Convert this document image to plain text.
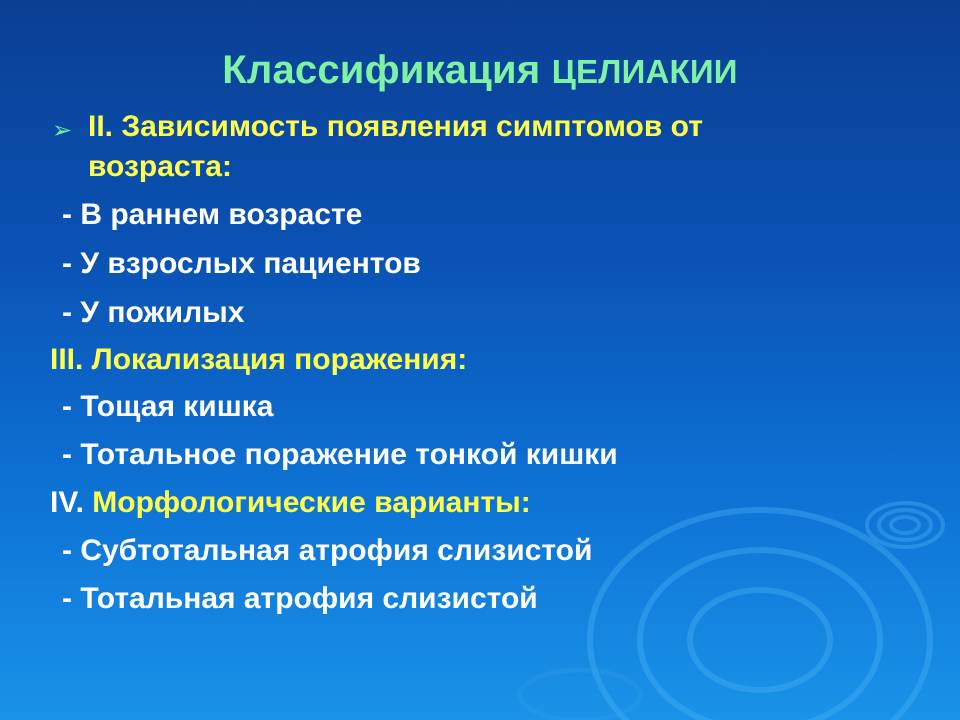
Классификация ЦЕЛИАКИИ
➢ II. Зависимость появления симптомов от
возраста:
- В раннем возрасте
- У взрослых пациентов
- У пожилых
III. Локализация поражения:
- Тощая кишка
- Тотальное поражение тонкой кишки
IV. Морфологические варианты:
- Субтотальная атрофия слизистой
- Тотальная атрофия слизистой
